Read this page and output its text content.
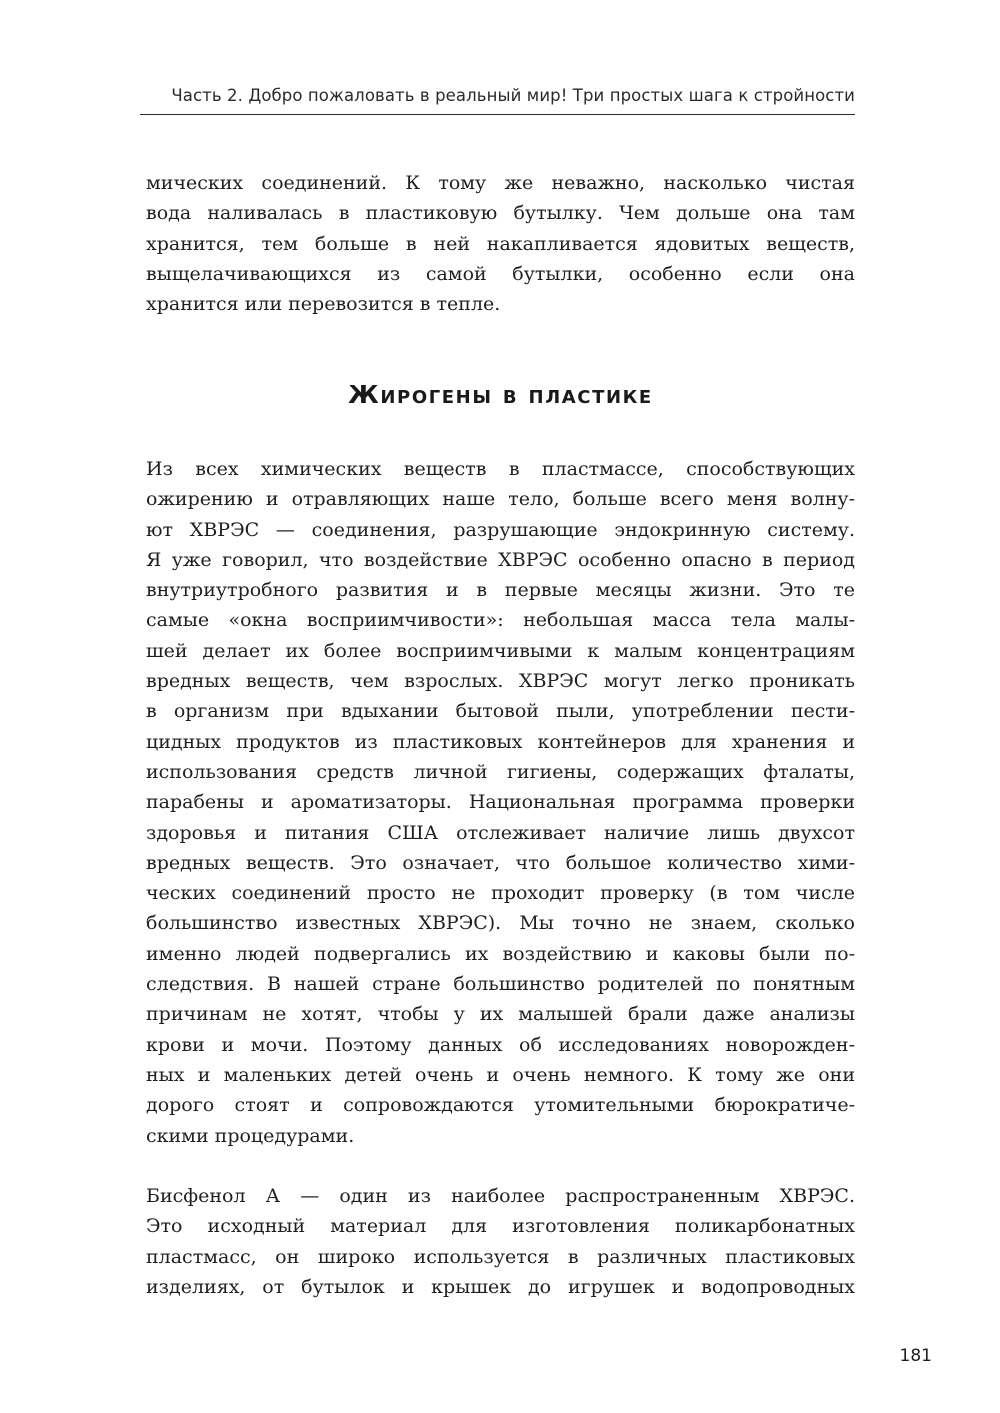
Часть 2. Добро пожаловать в реальный мир! Три простых шага к стройности
мических соединений. К тому же неважно, насколько чистая
вода наливалась в пластиковую бутылку. Чем дольше она там
хранится, тем больше в ней накапливается ядовитых веществ,
выщелачивающихся из самой бутылки, особенно если она
хранится или перевозится в тепле.
Жирогены в пластике
Из всех химических веществ в пластмассе, способствующих
ожирению и отравляющих наше тело, больше всего меня волну-
ют ХВРЭС — соединения, разрушающие эндокринную систему.
Я уже говорил, что воздействие ХВРЭС особенно опасно в период
внутриутробного развития и в первые месяцы жизни. Это те
самые «окна восприимчивости»: небольшая масса тела малы-
шей делает их более восприимчивыми к малым концентрациям
вредных веществ, чем взрослых. ХВРЭС могут легко проникать
в организм при вдыхании бытовой пыли, употреблении пести-
цидных продуктов из пластиковых контейнеров для хранения и
использования средств личной гигиены, содержащих фталаты,
парабены и ароматизаторы. Национальная программа проверки
здоровья и питания США отслеживает наличие лишь двухсот
вредных веществ. Это означает, что большое количество хими-
ческих соединений просто не проходит проверку (в том числе
большинство известных ХВРЭС). Мы точно не знаем, сколько
именно людей подвергались их воздействию и каковы были по-
следствия. В нашей стране большинство родителей по понятным
причинам не хотят, чтобы у их малышей брали даже анализы
крови и мочи. Поэтому данных об исследованиях новорожден-
ных и маленьких детей очень и очень немного. К тому же они
дорого стоят и сопровождаются утомительными бюрократиче-
скими процедурами.
Бисфенол А — один из наиболее распространенным ХВРЭС.
Это исходный материал для изготовления поликарбонатных
пластмасс, он широко используется в различных пластиковых
изделиях, от бутылок и крышек до игрушек и водопроводных
181
